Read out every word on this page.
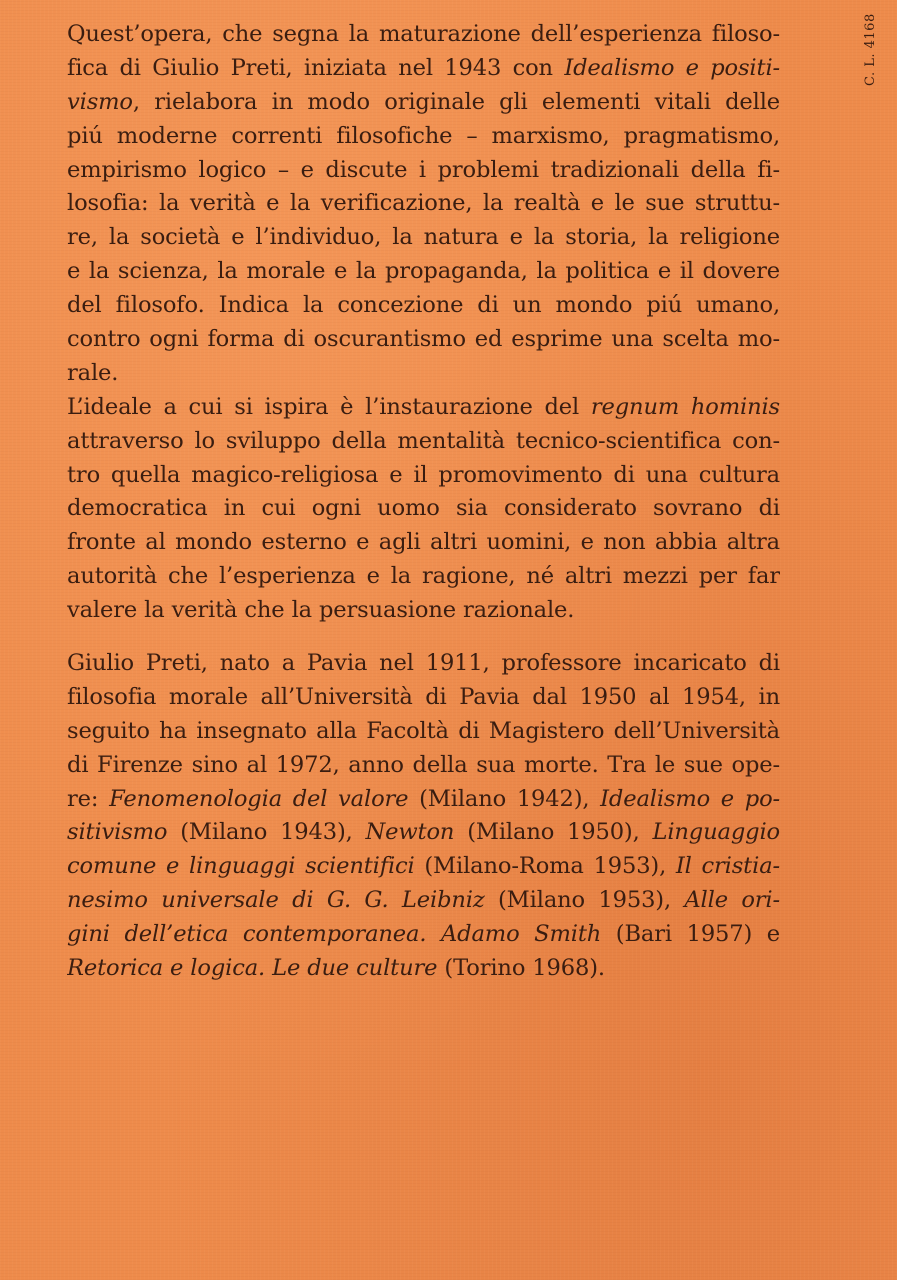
C. L. 4168

Quest’opera, che segna la maturazione dell’esperienza filoso-
fica di Giulio Preti, iniziata nel 1943 con Idealismo e positi-
vismo, rielabora in modo originale gli elementi vitali delle
piú moderne correnti filosofiche – marxismo, pragmatismo,
empirismo logico – e discute i problemi tradizionali della fi-
losofia: la verità e la verificazione, la realtà e le sue struttu-
re, la società e l’individuo, la natura e la storia, la religione
e la scienza, la morale e la propaganda, la politica e il dovere
del filosofo. Indica la concezione di un mondo piú umano,
contro ogni forma di oscurantismo ed esprime una scelta mo-
rale.
L’ideale a cui si ispira è l’instaurazione del regnum hominis
attraverso lo sviluppo della mentalità tecnico-scientifica con-
tro quella magico-religiosa e il promovimento di una cultura
democratica in cui ogni uomo sia considerato sovrano di
fronte al mondo esterno e agli altri uomini, e non abbia altra
autorità che l’esperienza e la ragione, né altri mezzi per far
valere la verità che la persuasione razionale.

Giulio Preti, nato a Pavia nel 1911, professore incaricato di
filosofia morale all’Università di Pavia dal 1950 al 1954, in
seguito ha insegnato alla Facoltà di Magistero dell’Università
di Firenze sino al 1972, anno della sua morte. Tra le sue ope-
re: Fenomenologia del valore (Milano 1942), Idealismo e po-
sitivismo (Milano 1943), Newton (Milano 1950), Linguaggio
comune e linguaggi scientifici (Milano-Roma 1953), Il cristia-
nesimo universale di G. G. Leibniz (Milano 1953), Alle ori-
gini dell’etica contemporanea. Adamo Smith (Bari 1957) e
Retorica e logica. Le due culture (Torino 1968).
